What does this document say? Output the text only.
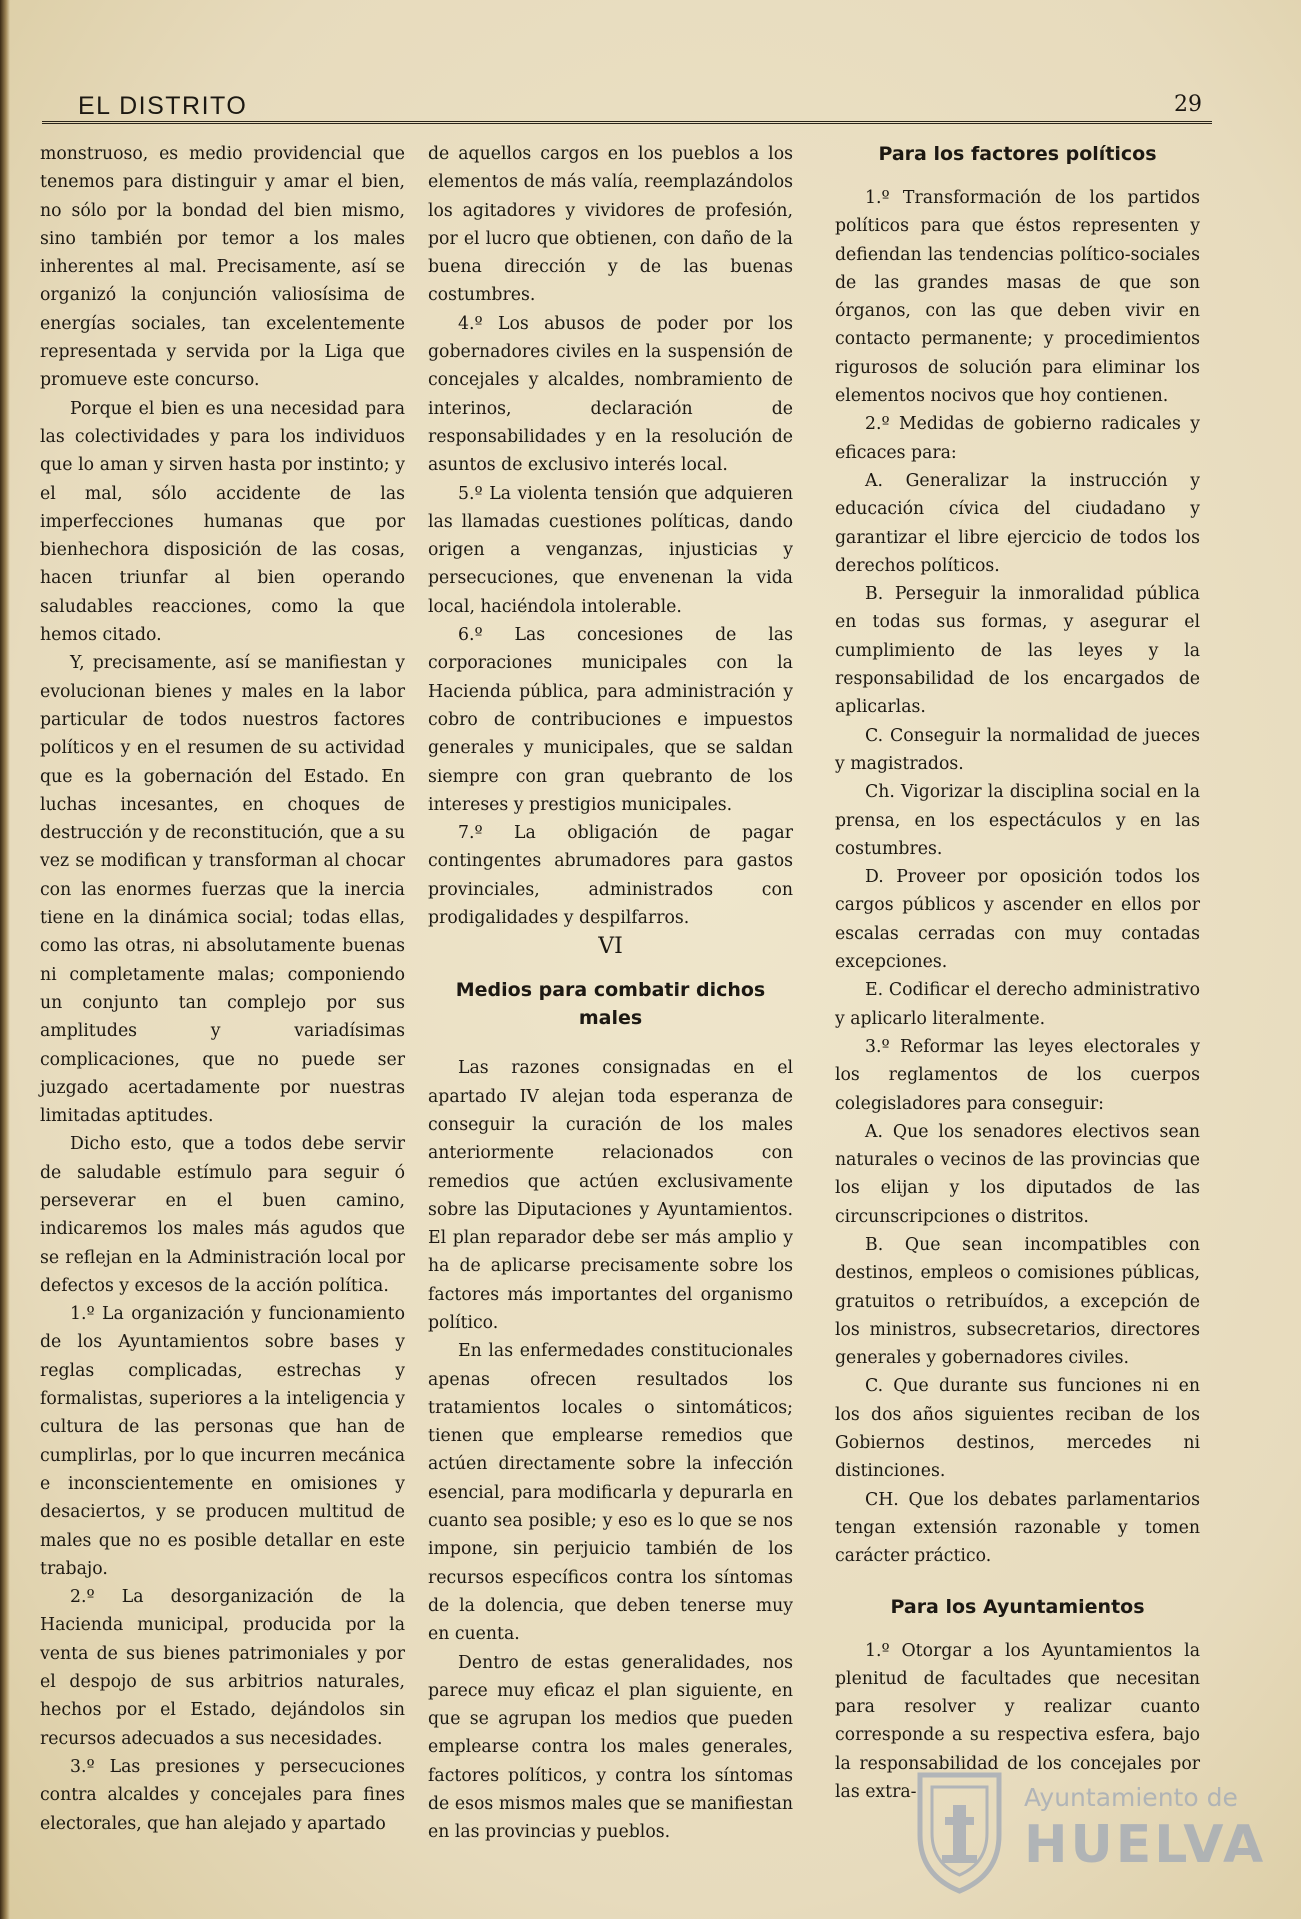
EL DISTRITO	29

monstruoso, es medio providencial que tenemos para distinguir y amar el bien, no sólo por la bondad del bien mismo, sino también por temor a los males inherentes al mal. Precisamente, así se organizó la conjunción valiosísima de energías sociales, tan excelentemente representada y servida por la Liga que promueve este concurso.

Porque el bien es una necesidad para las colectividades y para los individuos que lo aman y sirven hasta por instinto; y el mal, sólo accidente de las imperfecciones humanas que por bienhechora disposición de las cosas, hacen triunfar al bien operando saludables reacciones, como la que hemos citado.

Y, precisamente, así se manifiestan y evolucionan bienes y males en la labor particular de todos nuestros factores políticos y en el resumen de su actividad que es la gobernación del Estado. En luchas incesantes, en choques de destrucción y de reconstitución, que a su vez se modifican y transforman al chocar con las enormes fuerzas que la inercia tiene en la dinámica social; todas ellas, como las otras, ni absolutamente buenas ni completamente malas; componiendo un conjunto tan complejo por sus amplitudes y variadísimas complicaciones, que no puede ser juzgado acertadamente por nuestras limitadas aptitudes.

Dicho esto, que a todos debe servir de saludable estímulo para seguir ó perseverar en el buen camino, indicaremos los males más agudos que se reflejan en la Administración local por defectos y excesos de la acción política.

1.º La organización y funcionamiento de los Ayuntamientos sobre bases y reglas complicadas, estrechas y formalistas, superiores a la inteligencia y cultura de las personas que han de cumplirlas, por lo que incurren mecánica e inconscientemente en omisiones y desaciertos, y se producen multitud de males que no es posible detallar en este trabajo.

2.º La desorganización de la Hacienda municipal, producida por la venta de sus bienes patrimoniales y por el despojo de sus arbitrios naturales, hechos por el Estado, dejándolos sin recursos adecuados a sus necesidades.

3.º Las presiones y persecuciones contra alcaldes y concejales para fines electorales, que han alejado y apartado

de aquellos cargos en los pueblos a los elementos de más valía, reemplazándolos los agitadores y vividores de profesión, por el lucro que obtienen, con daño de la buena dirección y de las buenas costumbres.

4.º Los abusos de poder por los gobernadores civiles en la suspensión de concejales y alcaldes, nombramiento de interinos, declaración de responsabilidades y en la resolución de asuntos de exclusivo interés local.

5.º La violenta tensión que adquieren las llamadas cuestiones políticas, dando origen a venganzas, injusticias y persecuciones, que envenenan la vida local, haciéndola intolerable.

6.º Las concesiones de las corporaciones municipales con la Hacienda pública, para administración y cobro de contribuciones e impuestos generales y municipales, que se saldan siempre con gran quebranto de los intereses y prestigios municipales.

7.º La obligación de pagar contingentes abrumadores para gastos provinciales, administrados con prodigalidades y despilfarros.

VI
Medios para combatir dichos males

Las razones consignadas en el apartado IV alejan toda esperanza de conseguir la curación de los males anteriormente relacionados con remedios que actúen exclusivamente sobre las Diputaciones y Ayuntamientos. El plan reparador debe ser más amplio y ha de aplicarse precisamente sobre los factores más importantes del organismo político.

En las enfermedades constitucionales apenas ofrecen resultados los tratamientos locales o sintomáticos; tienen que emplearse remedios que actúen directamente sobre la infección esencial, para modificarla y depurarla en cuanto sea posible; y eso es lo que se nos impone, sin perjuicio también de los recursos específicos contra los síntomas de la dolencia, que deben tenerse muy en cuenta.

Dentro de estas generalidades, nos parece muy eficaz el plan siguiente, en que se agrupan los medios que pueden emplearse contra los males generales, factores políticos, y contra los síntomas de esos mismos males que se manifiestan en las provincias y pueblos.

Para los factores políticos

1.º Transformación de los partidos políticos para que éstos representen y defiendan las tendencias político-sociales de las grandes masas de que son órganos, con las que deben vivir en contacto permanente; y procedimientos rigurosos de solución para eliminar los elementos nocivos que hoy contienen.

2.º Medidas de gobierno radicales y eficaces para:

A. Generalizar la instrucción y educación cívica del ciudadano y garantizar el libre ejercicio de todos los derechos políticos.

B. Perseguir la inmoralidad pública en todas sus formas, y asegurar el cumplimiento de las leyes y la responsabilidad de los encargados de aplicarlas.

C. Conseguir la normalidad de jueces y magistrados.

Ch. Vigorizar la disciplina social en la prensa, en los espectáculos y en las costumbres.

D. Proveer por oposición todos los cargos públicos y ascender en ellos por escalas cerradas con muy contadas excepciones.

E. Codificar el derecho administrativo y aplicarlo literalmente.

3.º Reformar las leyes electorales y los reglamentos de los cuerpos colegisladores para conseguir:

A. Que los senadores electivos sean naturales o vecinos de las provincias que los elijan y los diputados de las circunscripciones o distritos.

B. Que sean incompatibles con destinos, empleos o comisiones públicas, gratuitos o retribuídos, a excepción de los ministros, subsecretarios, directores generales y gobernadores civiles.

C. Que durante sus funciones ni en los dos años siguientes reciban de los Gobiernos destinos, mercedes ni distinciones.

CH. Que los debates parlamentarios tengan extensión razonable y tomen carácter práctico.

Para los Ayuntamientos

1.º Otorgar a los Ayuntamientos la plenitud de facultades que necesitan para resolver y realizar cuanto corresponde a su respectiva esfera, bajo la responsabilidad de los concejales por las extra-	Ayuntamiento de
HUELVA
